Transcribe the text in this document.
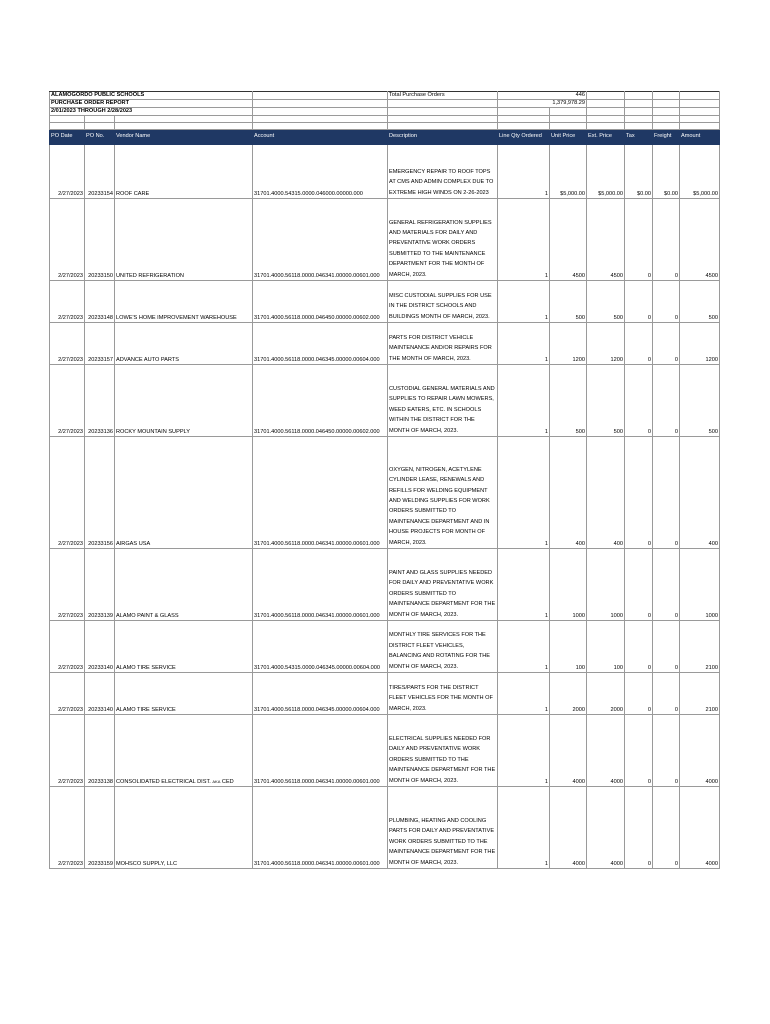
ALAMOGORDO PUBLIC SCHOOLS				Total Purchase Orders	446					
PURCHASE ORDER REPORT					1,379,978.29					
2/01/2023 THROUGH 2/28/2023										

PO Date	PO No.	Vendor Name	Account	Description	Line Qty Ordered	Unit Price	Ext. Price	Tax	Freight	Amount
2/27/2023	20233154	ROOF CARE	31701.4000.54315.0000.046000.00000.000	EMERGENCY REPAIR TO ROOF TOPS AT CMS AND ADMIN COMPLEX DUE TO EXTREME HIGH WINDS ON 2-26-2023	1	$5,000.00	$5,000.00	$0.00	$0.00	$5,000.00
2/27/2023	20233150	UNITED REFRIGERATION	31701.4000.56118.0000.046341.00000.00601.000	GENERAL REFRIGERATION SUPPLIES AND MATERIALS FOR DAILY AND PREVENTATIVE WORK ORDERS SUBMITTED TO THE MAINTENANCE DEPARTMENT FOR THE MONTH OF MARCH, 2023.	1	4500	4500	0	0	4500
2/27/2023	20233148	LOWE'S HOME IMPROVEMENT WAREHOUSE	31701.4000.56118.0000.046450.00000.00602.000	MISC CUSTODIAL SUPPLIES FOR USE IN THE DISTRICT SCHOOLS AND BUILDINGS MONTH OF MARCH, 2023.	1	500	500	0	0	500
2/27/2023	20233157	ADVANCE AUTO PARTS	31701.4000.56118.0000.046345.00000.00604.000	PARTS FOR DISTRICT VEHICLE MAINTENANCE AND/OR REPAIRS FOR THE MONTH OF MARCH, 2023.	1	1200	1200	0	0	1200
2/27/2023	20233136	ROCKY MOUNTAIN SUPPLY	31701.4000.56118.0000.046450.00000.00602.000	CUSTODIAL GENERAL MATERIALS AND SUPPLIES TO REPAIR LAWN MOWERS, WEED EATERS, ETC. IN SCHOOLS WITHIN THE DISTRICT FOR THE MONTH OF MARCH, 2023.	1	500	500	0	0	500
2/27/2023	20233156	AIRGAS USA	31701.4000.56118.0000.046341.00000.00601.000	OXYGEN, NITROGEN, ACETYLENE CYLINDER LEASE, RENEWALS AND REFILLS FOR WELDING EQUIPMENT AND WELDING SUPPLIES FOR WORK ORDERS SUBMITTED TO MAINTENANCE DEPARTMENT AND IN HOUSE PROJECTS FOR MONTH OF MARCH, 2023.	1	400	400	0	0	400
2/27/2023	20233139	ALAMO PAINT & GLASS	31701.4000.56118.0000.046341.00000.00601.000	PAINT AND GLASS SUPPLIES NEEDED FOR DAILY AND PREVENTATIVE WORK ORDERS SUBMITTED TO MAINTENANCE DEPARTMENT FOR THE MONTH OF MARCH, 2023.	1	1000	1000	0	0	1000
2/27/2023	20233140	ALAMO TIRE SERVICE	31701.4000.54315.0000.046345.00000.00604.000	MONTHLY TIRE SERVICES FOR THE DISTRICT FLEET VEHICLES, BALANCING AND ROTATING FOR THE MONTH OF MARCH, 2023.	1	100	100	0	0	2100
2/27/2023	20233140	ALAMO TIRE SERVICE	31701.4000.56118.0000.046345.00000.00604.000	TIRES/PARTS FOR THE DISTRICT FLEET VEHICLES FOR THE MONTH OF MARCH, 2023.	1	2000	2000	0	0	2100
2/27/2023	20233138	CONSOLIDATED ELECTRICAL DIST. aka CED	31701.4000.56118.0000.046341.00000.00601.000	ELECTRICAL SUPPLIES NEEDED FOR DAILY AND PREVENTATIVE WORK ORDERS SUBMITTED TO THE MAINTENANCE DEPARTMENT FOR THE MONTH OF MARCH, 2023.	1	4000	4000	0	0	4000
2/27/2023	20233159	MOHSCO SUPPLY, LLC	31701.4000.56118.0000.046341.00000.00601.000	PLUMBING, HEATING AND COOLING PARTS FOR DAILY AND PREVENTATIVE WORK ORDERS SUBMITTED TO THE MAINTENANCE DEPARTMENT FOR THE MONTH OF MARCH, 2023.	1	4000	4000	0	0	4000
